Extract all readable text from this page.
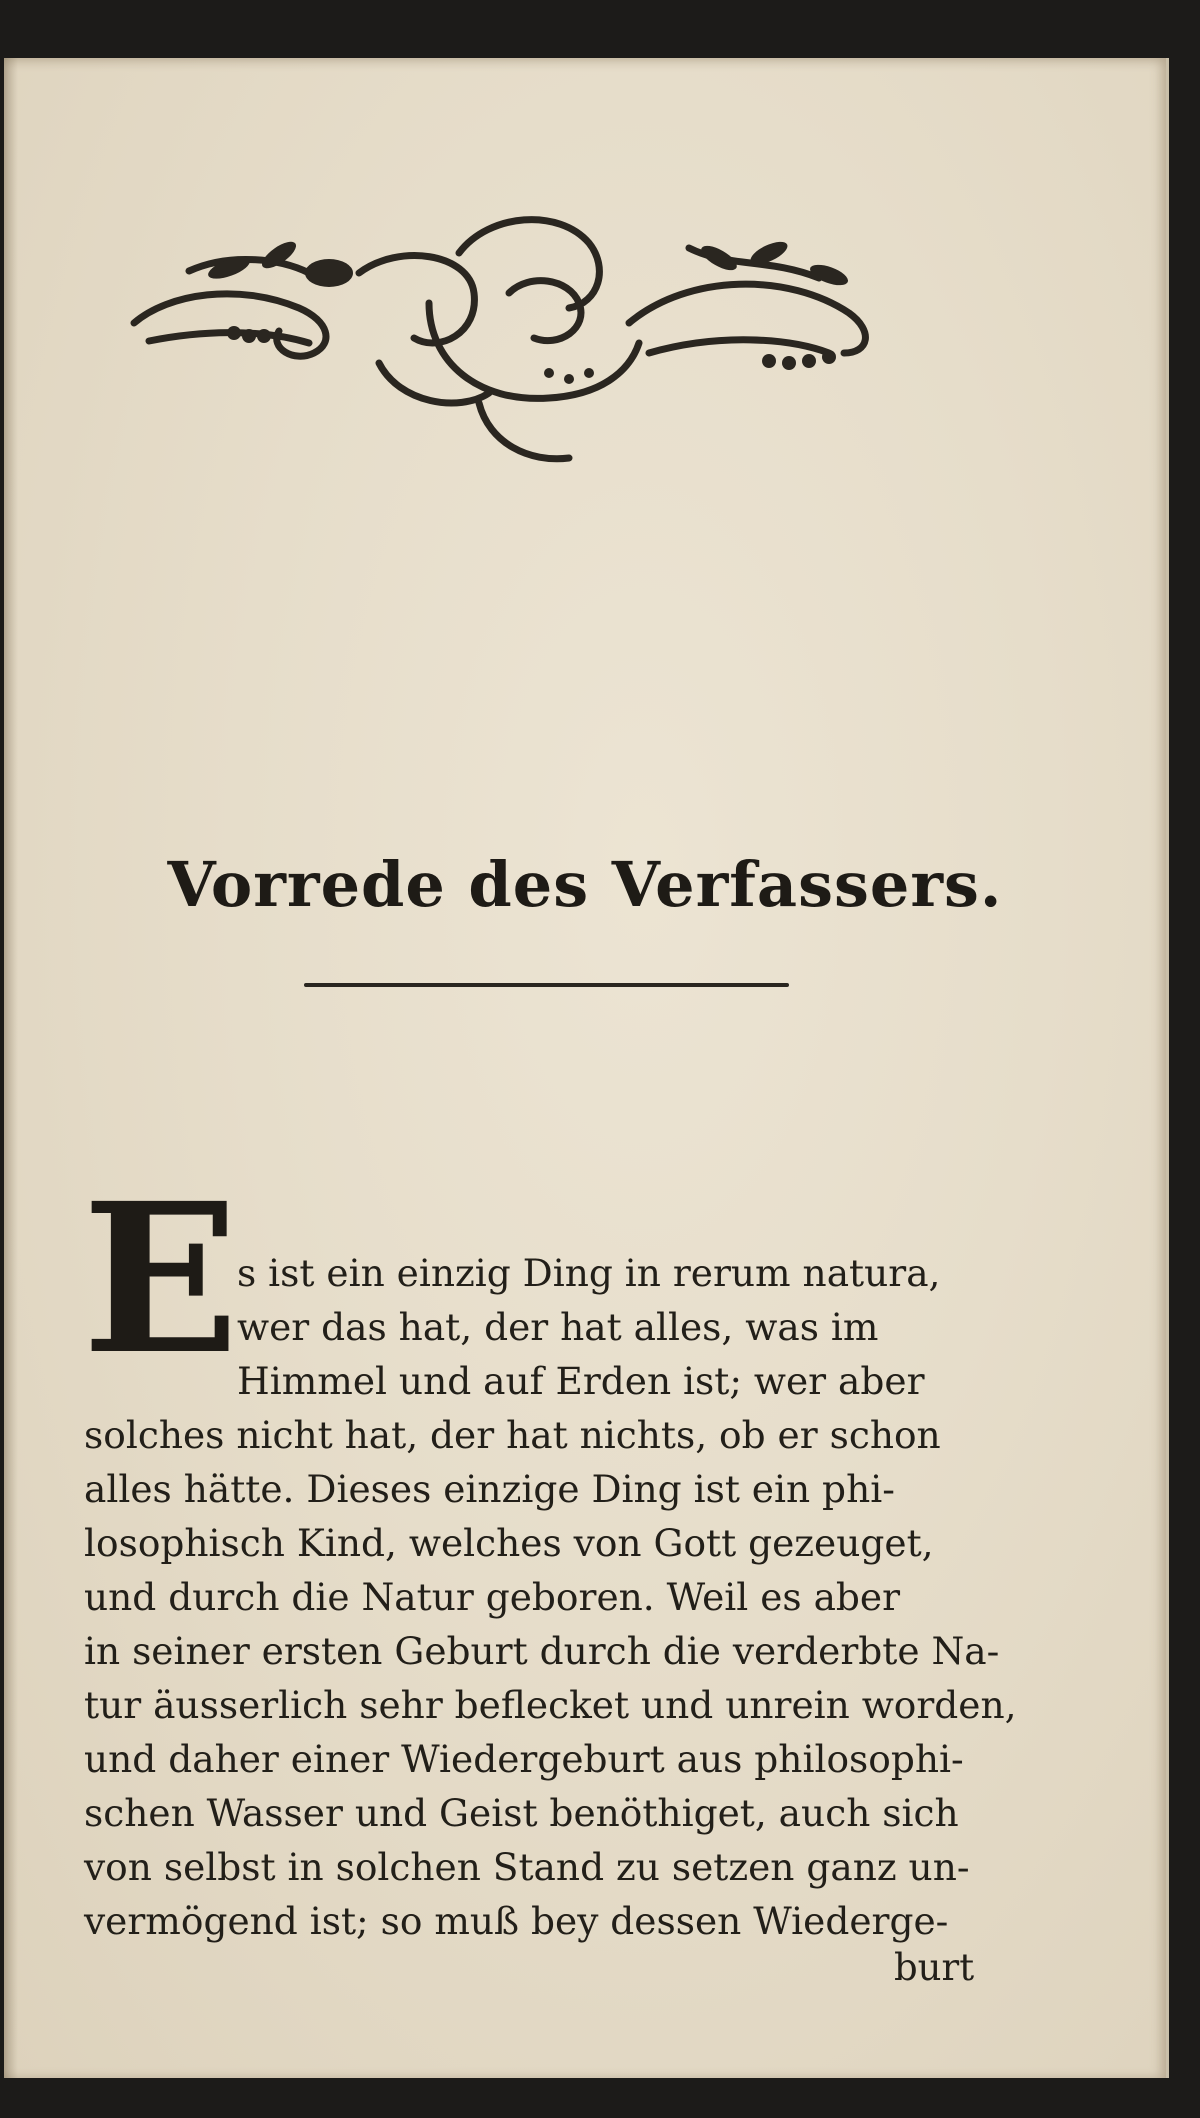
Vorrede des Verfassers.
E
s ist ein einzig Ding in rerum natura,
wer das hat, der hat alles, was im
Himmel und auf Erden ist; wer aber
solches nicht hat, der hat nichts, ob er schon
alles hätte. Dieses einzige Ding ist ein phi-
losophisch Kind, welches von Gott gezeuget,
und durch die Natur geboren. Weil es aber
in seiner ersten Geburt durch die verderbte Na-
tur äusserlich sehr beflecket und unrein worden,
und daher einer Wiedergeburt aus philosophi-
schen Wasser und Geist benöthiget, auch sich
von selbst in solchen Stand zu setzen ganz un-
vermögend ist; so muß bey dessen Wiederge-
burt
